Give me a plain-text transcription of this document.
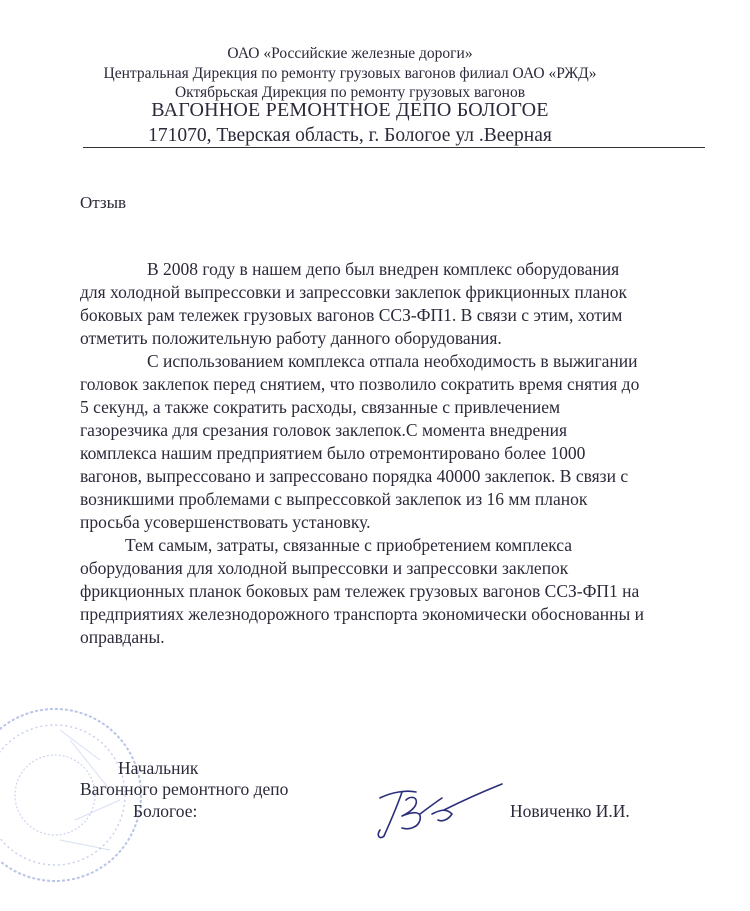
ОАО «Российские железные дороги»

Центральная Дирекция по ремонту грузовых вагонов филиал ОАО «РЖД»

Октябрьская Дирекция по ремонту грузовых вагонов

ВАГОННОЕ РЕМОНТНОЕ ДЕПО БОЛОГОЕ

171070, Тверская область, г. Бологое ул .Веерная

Отзыв

В 2008 году в нашем депо был внедрен комплекс оборудования
для холодной выпрессовки и запрессовки заклепок фрикционных планок
боковых рам тележек грузовых вагонов ССЗ-ФП1. В связи с этим, хотим
отметить положительную работу данного оборудования.

С использованием комплекса отпала необходимость в выжигании
головок заклепок перед снятием, что позволило сократить время снятия до
5 секунд, а также сократить расходы, связанные с привлечением
газорезчика для срезания головок заклепок.С момента внедрения
комплекса нашим предприятием было отремонтировано более 1000
вагонов, выпрессовано и запрессовано порядка 40000 заклепок. В связи с
возникшими проблемами с выпрессовкой заклепок из 16 мм планок
просьба усовершенствовать установку.

Тем самым, затраты, связанные с приобретением комплекса
оборудования для холодной выпрессовки и запрессовки заклепок
фрикционных планок боковых рам тележек грузовых вагонов ССЗ-ФП1 на
предприятиях железнодорожного транспорта экономически обоснованны и
оправданы.

Начальник
Вагонного ремонтного депо
Бологое:	Новиченко И.И.
